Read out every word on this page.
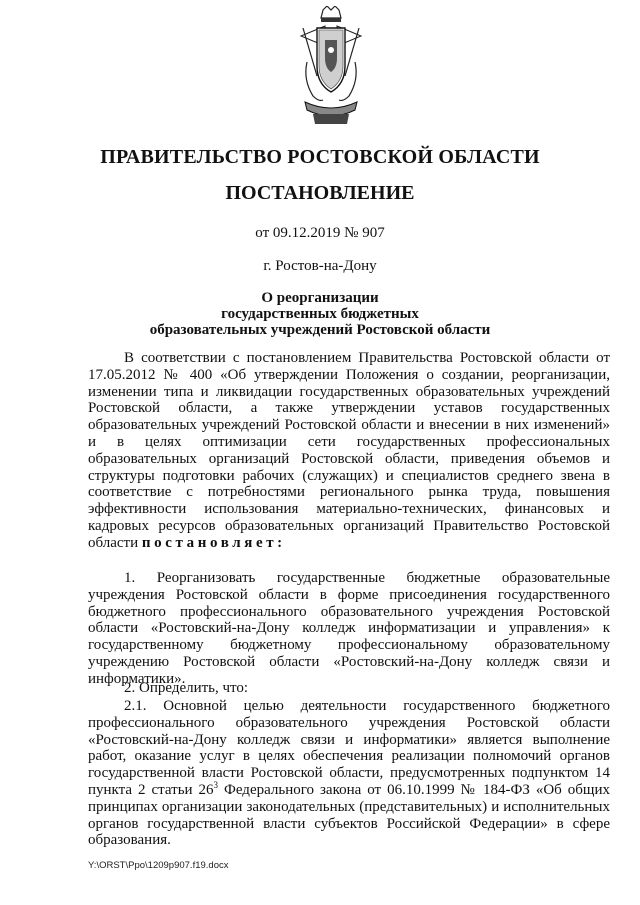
ПРАВИТЕЛЬСТВО РОСТОВСКОЙ ОБЛАСТИ
ПОСТАНОВЛЕНИЕ
от 09.12.2019 № 907
г. Ростов-на-Дону
О реорганизации
государственных бюджетных
образовательных учреждений Ростовской области

В соответствии с постановлением Правительства Ростовской области от 17.05.2012 № 400 «Об утверждении Положения о создании, реорганизации, изменении типа и ликвидации государственных образовательных учреждений Ростовской области, а также утверждении уставов государственных образовательных учреждений Ростовской области и внесении в них изменений» и в целях оптимизации сети государственных профессиональных образовательных организаций Ростовской области, приведения объемов и структуры подготовки рабочих (служащих) и специалистов среднего звена в соответствие с потребностями регионального рынка труда, повышения эффективности использования материально-технических, финансовых и кадровых ресурсов образовательных организаций Правительство Ростовской области постановляет:

1. Реорганизовать государственные бюджетные образовательные учреждения Ростовской области в форме присоединения государственного бюджетного профессионального образовательного учреждения Ростовской области «Ростовский-на-Дону колледж информатизации и управления» к государственному бюджетному профессиональному образовательному учреждению Ростовской области «Ростовский-на-Дону колледж связи и информатики».

2. Определить, что:

2.1. Основной целью деятельности государственного бюджетного профессионального образовательного учреждения Ростовской области «Ростовский-на-Дону колледж связи и информатики» является выполнение работ, оказание услуг в целях обеспечения реализации полномочий органов государственной власти Ростовской области, предусмотренных подпунктом 14 пункта 2 статьи $26^3$ Федерального закона от 06.10.1999 № 184-ФЗ «Об общих принципах организации законодательных (представительных) и исполнительных органов государственной власти субъектов Российской Федерации» в сфере образования.

Y:\ORST\Ppo\1209p907.f19.docx
